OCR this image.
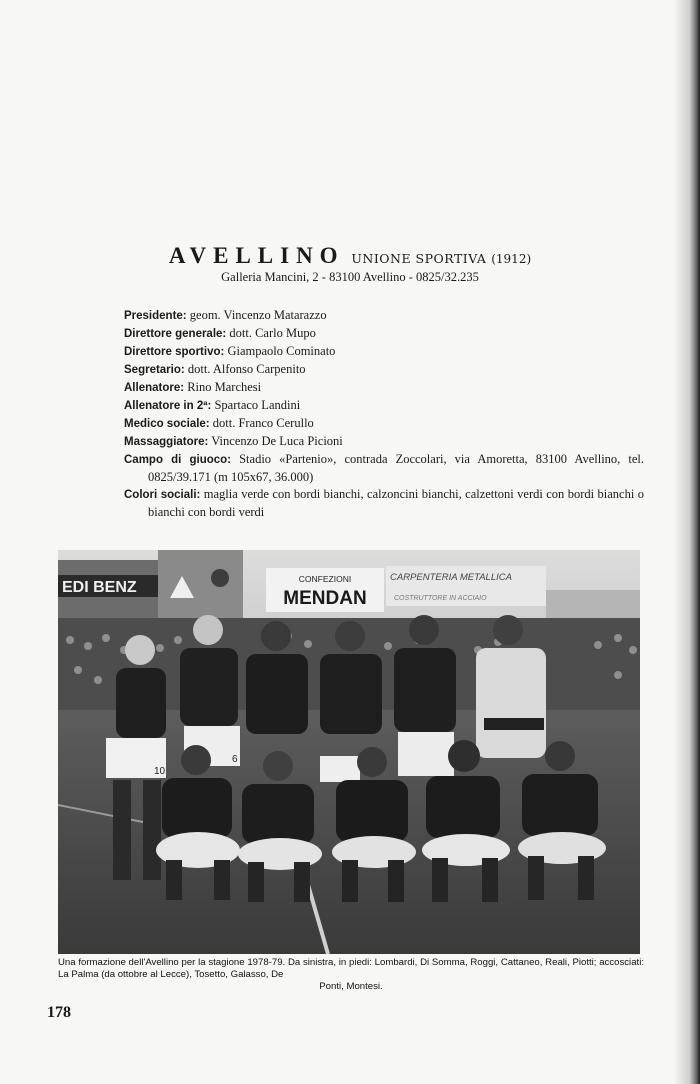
AVELLINO UNIONE SPORTIVA (1912)
Galleria Mancini, 2 - 83100 Avellino - 0825/32.235
Presidente: geom. Vincenzo Matarazzo
Direttore generale: dott. Carlo Mupo
Direttore sportivo: Giampaolo Cominato
Segretario: dott. Alfonso Carpenito
Allenatore: Rino Marchesi
Allenatore in 2ª: Spartaco Landini
Medico sociale: dott. Franco Cerullo
Massaggiatore: Vincenzo De Luca Picioni
Campo di giuoco: Stadio «Partenio», contrada Zoccolari, via Amoretta, 83100 Avellino, tel. 0825/39.171 (m 105x67, 36.000)
Colori sociali: maglia verde con bordi bianchi, calzoncini bianchi, calzettoni verdi con bordi bianchi o bianchi con bordi verdi
EDI BENZ	CONFEZIONI
MENDAN
CARPENTERIA METALLICA
COSTRUTTORE IN ACCIAIO
10
6
Una formazione dell'Avellino per la stagione 1978-79. Da sinistra, in piedi: Lombardi, Di Somma, Roggi, Cattaneo, Reali, Piotti; accosciati: La Palma (da ottobre al Lecce), Tosetto, Galasso, De
Ponti, Montesi.
178
